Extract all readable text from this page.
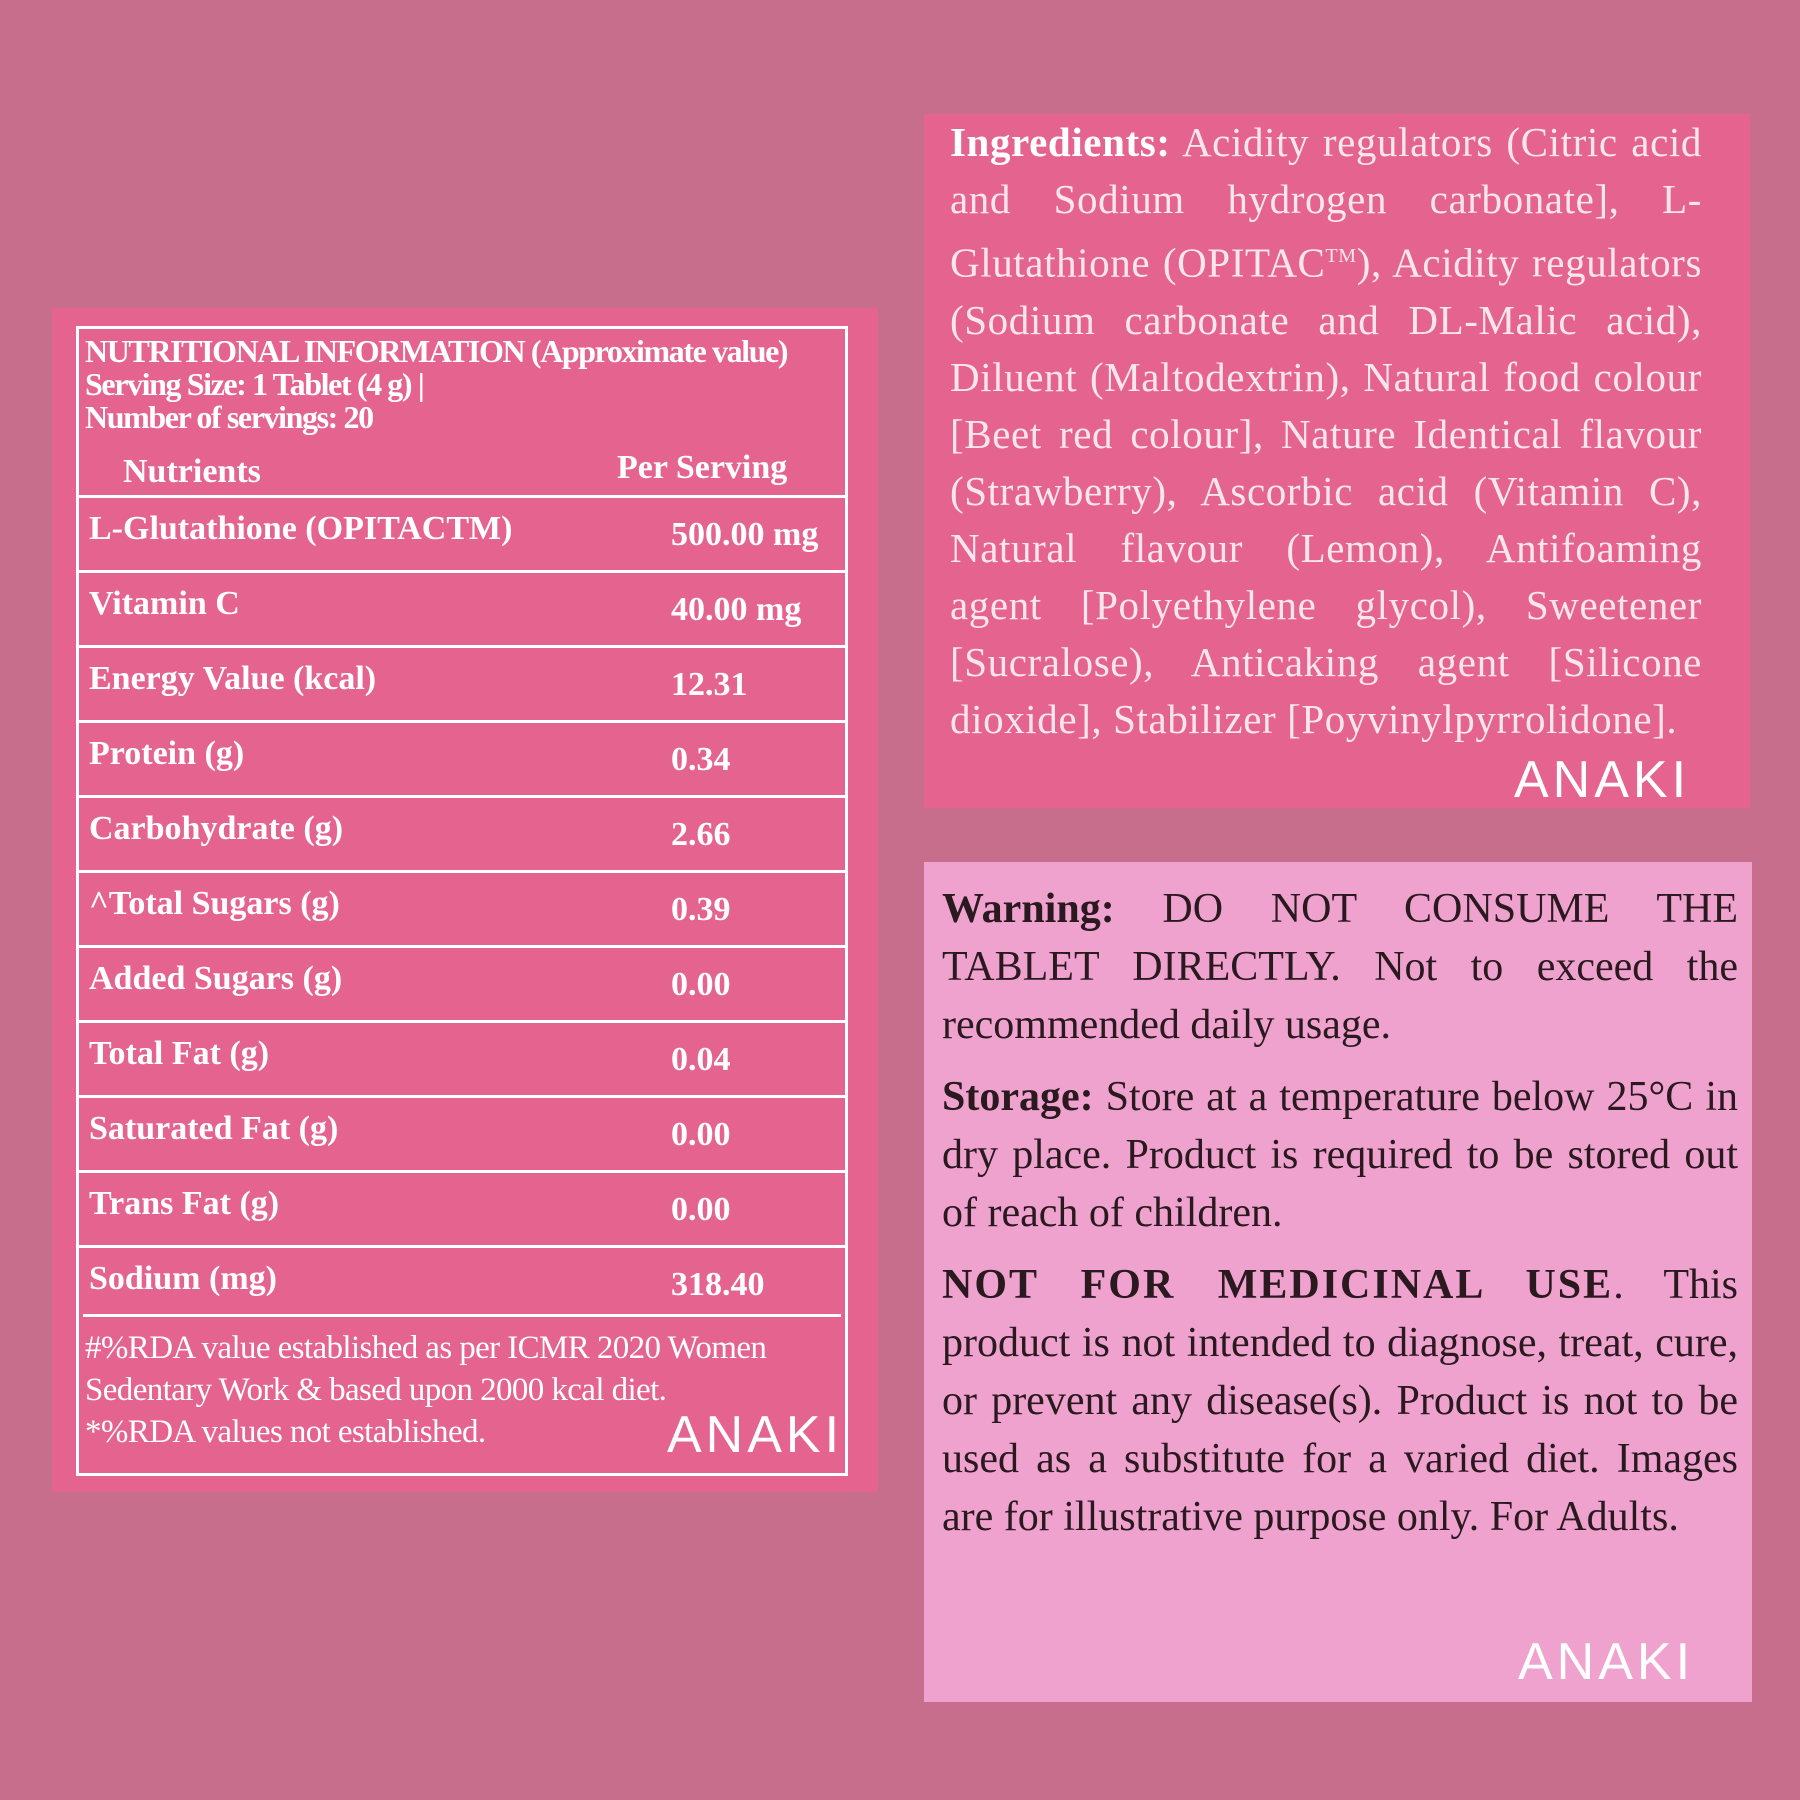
NUTRITIONAL INFORMATION (Approximate value)
Serving Size: 1 Tablet (4 g) |
Number of servings: 20
Nutrients	Per Serving
L-Glutathione (OPITACTM)	500.00 mg
Vitamin C	40.00 mg
Energy Value (kcal)	12.31
Protein (g)	0.34
Carbohydrate (g)	2.66
^Total Sugars (g)	0.39
Added Sugars (g)	0.00
Total Fat (g)	0.04
Saturated Fat (g)	0.00
Trans Fat (g)	0.00
Sodium (mg)	318.40
#%RDA value established as per ICMR 2020 Women
Sedentary Work & based upon 2000 kcal diet.
*%RDA values not established.	ANAKI
Ingredients: Acidity regulators (Citric acid and Sodium hydrogen carbonate], L-Glutathione (OPITAC™), Acidity regulators (Sodium carbonate and DL-Malic acid), Diluent (Maltodextrin), Natural food colour [Beet red colour], Nature Identical flavour (Strawberry), Ascorbic acid (Vitamin C), Natural flavour (Lemon), Antifoaming agent [Polyethylene glycol), Sweetener [Sucralose), Anticaking agent [Silicone dioxide], Stabilizer [Poyvinylpyrrolidone].
ANAKI

Warning: DO NOT CONSUME THE TABLET DIRECTLY. Not to exceed the recommended daily usage.

Storage: Store at a temperature below 25°C in dry place. Product is required to be stored out of reach of children.

NOT FOR MEDICINAL USE. This product is not intended to diagnose, treat, cure, or prevent any disease(s). Product is not to be used as a substitute for a varied diet. Images are for illustrative purpose only. For Adults.

ANAKI
